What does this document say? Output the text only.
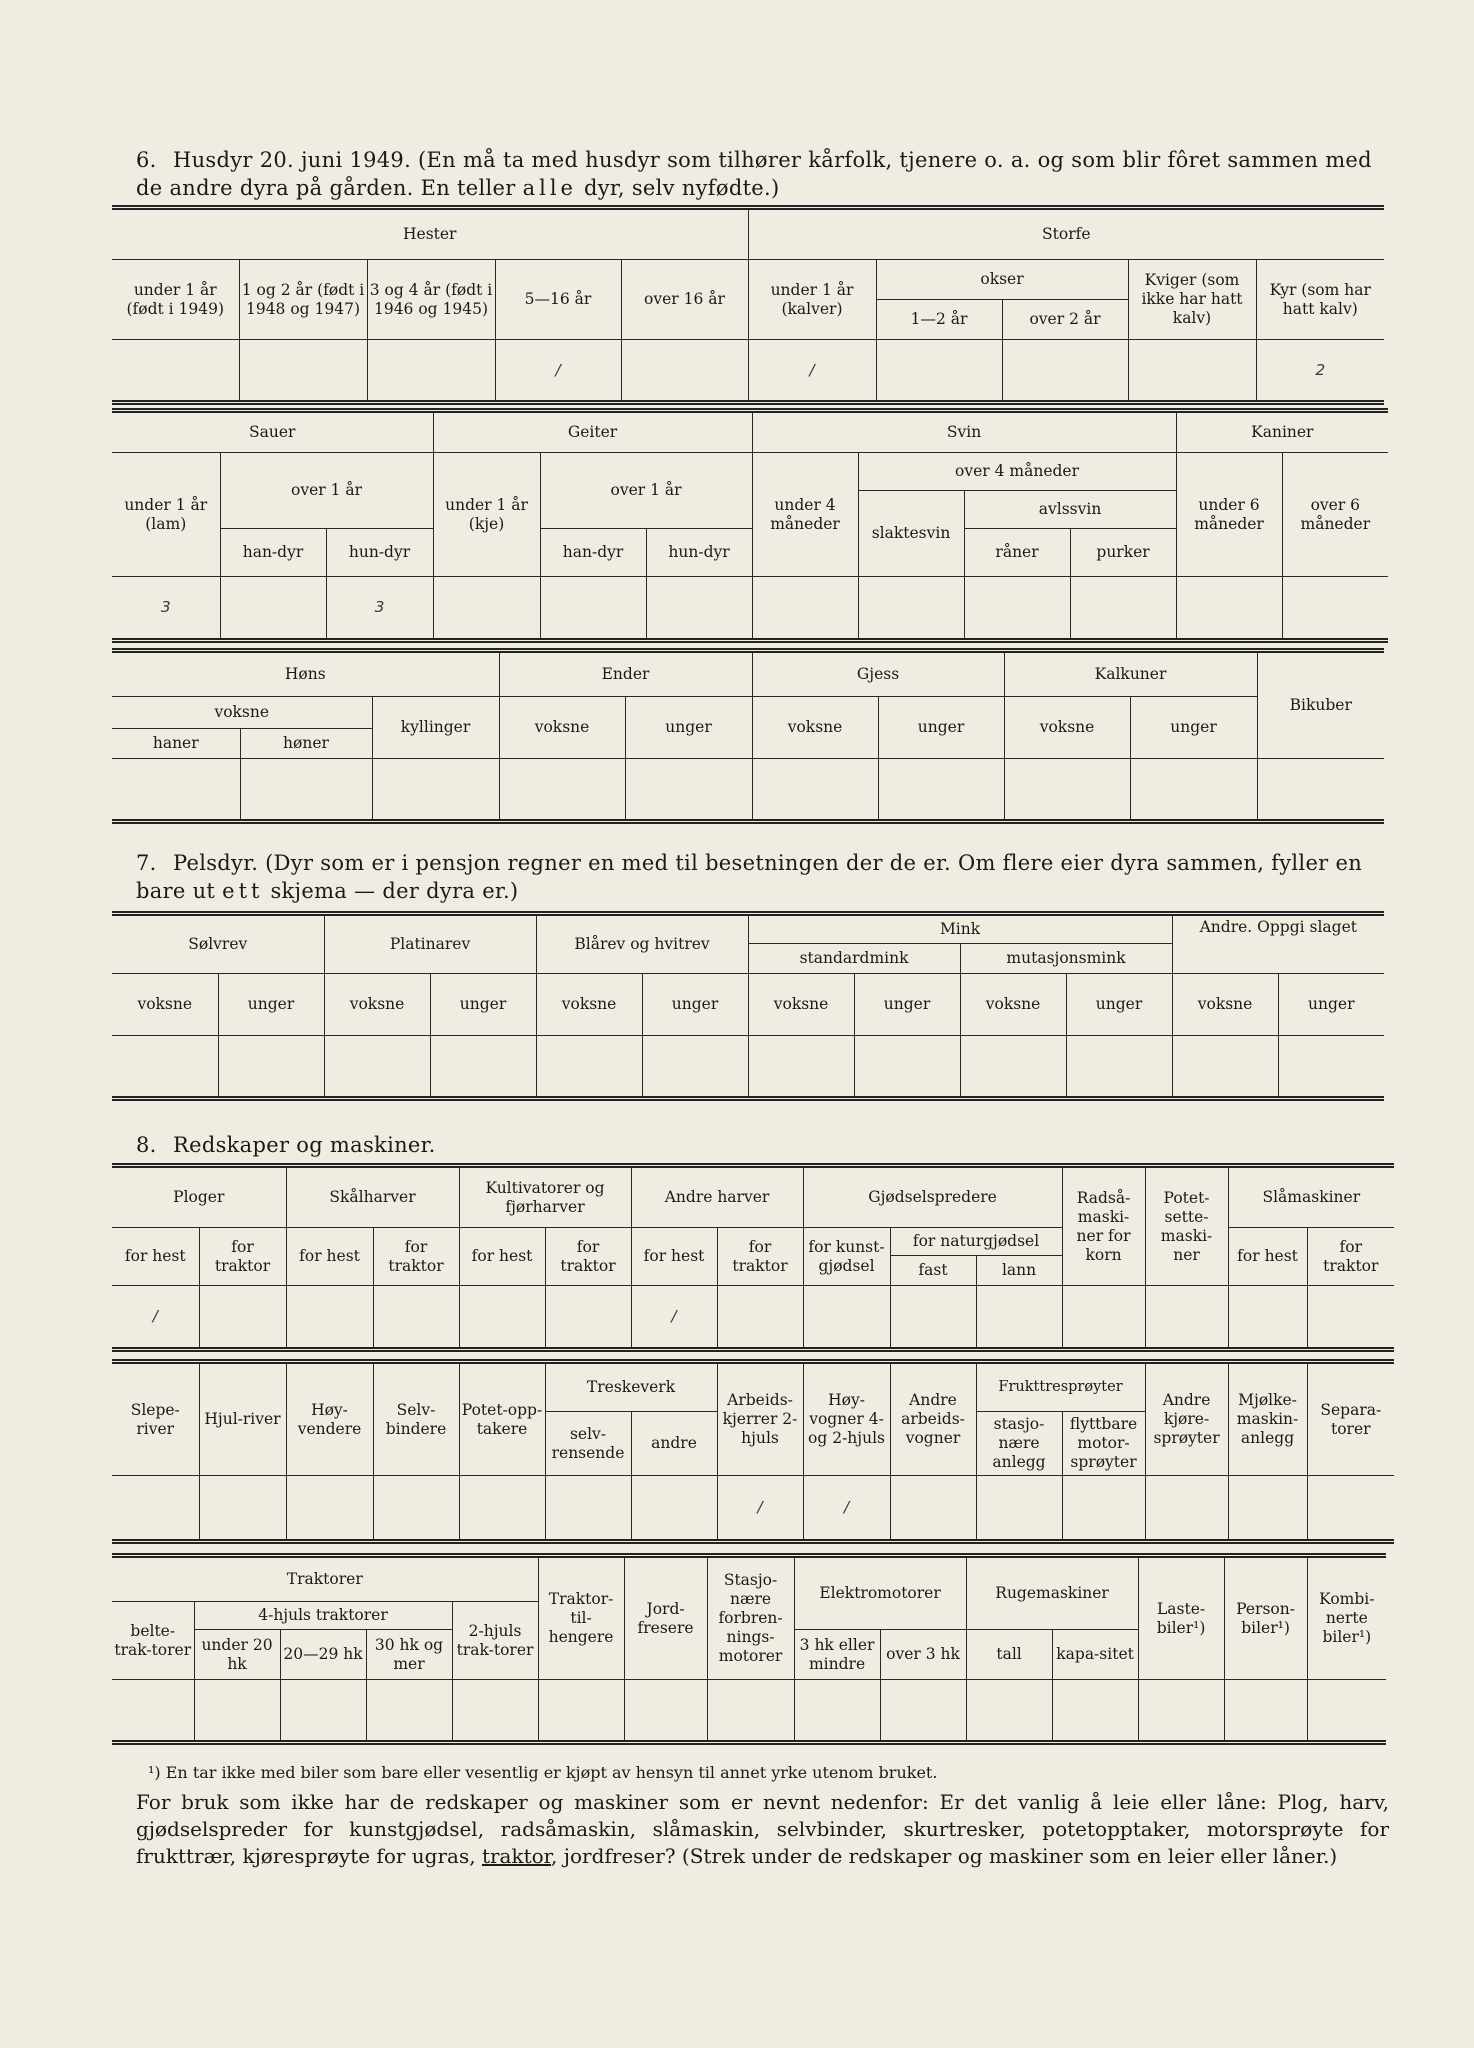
6. Husdyr 20. juni 1949. (En må ta med husdyr som tilhører kårfolk, tjenere o. a. og som blir fôret sammen med de andre dyra på gården. En teller alle dyr, selv nyfødte.)
Hester					Storfe				
under 1 år (født i 1949)	1 og 2 år (født i 1948 og 1947)	3 og 4 år (født i 1946 og 1945)	5—16 år	over 16 år	under 1 år (kalver)	okser		Kviger (som ikke har hatt kalv)	Kyr (som har hatt kalv)
						1—2 år	over 2 år		
			/		/				2
Sauer			Geiter			Svin				Kaniner	
under 1 år (lam)	over 1 år		under 1 år (kje)	over 1 år		under 4 måneder	over 4 måneder			under 6 måneder	over 6 måneder
							slaktesvin	avlssvin			
	han-dyr	hun-dyr		han-dyr	hun-dyr			råner	purker		
3		3									
Høns			Ender		Gjess		Kalkuner		Bikuber
voksne		kyllinger	voksne	unger	voksne	unger	voksne	unger	
haner	høner								

7. Pelsdyr. (Dyr som er i pensjon regner en med til besetningen der de er. Om flere eier dyra sammen, fyller en bare ut ett skjema — der dyra er.)
Sølvrev		Platinarev		Blårev og hvitrev		Mink				Andre. Oppgi slaget	
						standardmink		mutasjonsmink			
voksne	unger	voksne	unger	voksne	unger	voksne	unger	voksne	unger	voksne	unger

8. Redskaper og maskiner.
Ploger		Skålharver		Kultivatorer og fjørharver		Andre harver		Gjødselspredere			Radså-maski-ner for korn	Potet-sette-maski-ner	Slåmaskiner	
for hest	for traktor	for hest	for traktor	for hest	for traktor	for hest	for traktor	for kunst-gjødsel	for naturgjødsel				for hest	for traktor
									fast	lann				
/						/								
Slepe-river	Hjul-river	Høy-vendere	Selv-bindere	Potet-opp-takere	Treskeverk		Arbeids-kjerrer 2-hjuls	Høy-vogner 4- og 2-hjuls	Andre arbeids-vogner	Frukttresprøyter		Andre kjøre-sprøyter	Mjølke-maskin-anlegg	Separa-torer
					selv-rensende	andre				stasjo-nære anlegg	flyttbare motor-sprøyter			
							/	/						
Traktorer					Traktor-til-hengere	Jord-fresere	Stasjo-nære forbren-nings-motorer	Elektromotorer		Rugemaskiner		Laste-biler¹)	Person-biler¹)	Kombi-nerte biler¹)
belte-trak-torer	4-hjuls traktorer			2-hjuls trak-torer										
	under 20 hk	20—29 hk	30 hk og mer					3 hk eller mindre	over 3 hk	tall	kapa-sitet			

¹) En tar ikke med biler som bare eller vesentlig er kjøpt av hensyn til annet yrke utenom bruket.
For bruk som ikke har de redskaper og maskiner som er nevnt nedenfor: Er det vanlig å leie eller låne: Plog, harv, gjødselspreder for kunstgjødsel, radsåmaskin, slåmaskin, selvbinder, skurtresker, potetopptaker, motorsprøyte for frukttrær, kjøresprøyte for ugras, traktor, jordfreser? (Strek under de redskaper og maskiner som en leier eller låner.)
